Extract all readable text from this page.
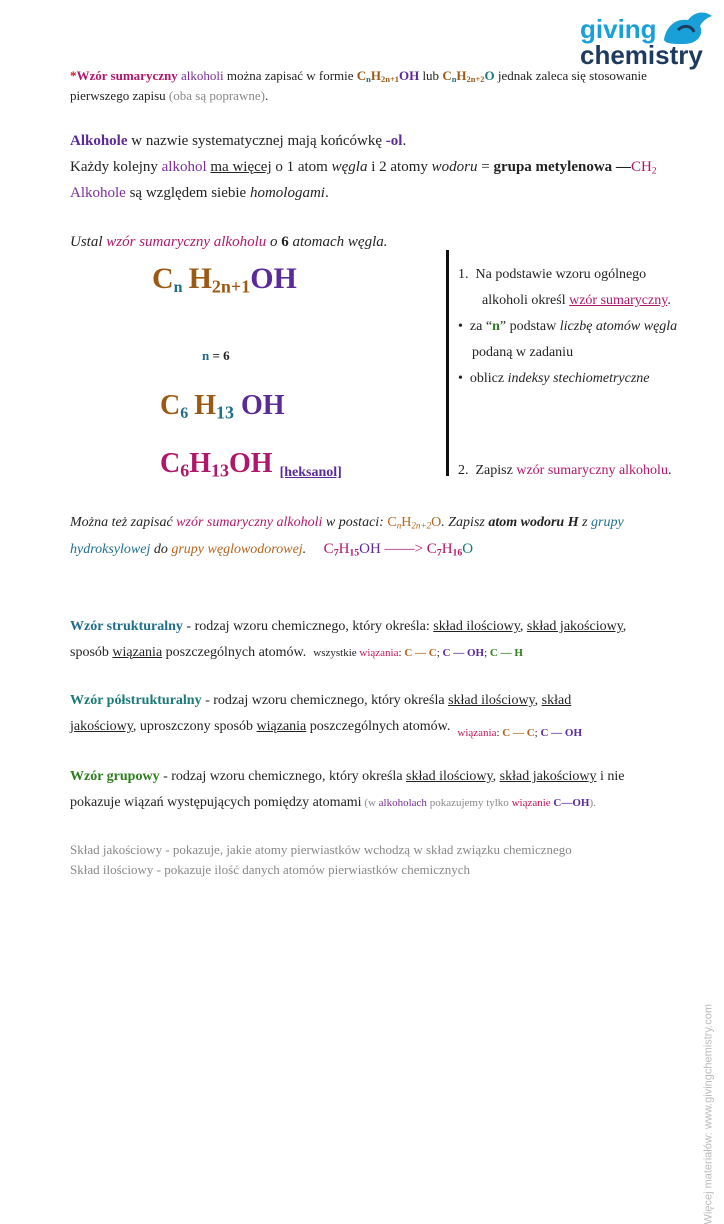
giving
chemistry
Więcej materiałów: www.givingchemistry.com
*Wzór sumaryczny alkoholi można zapisać w formie $C_nH_{2n+1}OH$ lub $C_nH_{2n+2}O$ jednak zaleca się stosowanie
pierwszego zapisu (oba są poprawne).
Alkohole w nazwie systematycznej mają końcówkę -ol.
Każdy kolejny alkohol ma więcej o 1 atom węgla i 2 atomy wodoru = grupa metylenowa $—CH_2$
Alkohole są względem siebie homologami.
Ustal wzór sumaryczny alkoholu o 6 atomach węgla.
$C_n$ $H_{2n+1}OH$
n = 6
$C_6$ $H_{13}$ OH
$C_6H_{13}OH$ [heksanol]
1. Na podstawie wzoru ogólnego
alkoholi określ wzór sumaryczny.
• za “n” podstaw liczbę atomów węgla
podaną w zadaniu
• oblicz indeksy stechiometryczne
2. Zapisz wzór sumaryczny alkoholu.
Można też zapisać wzór sumaryczny alkoholi w postaci: $C_nH_{2n+2}O$. Zapisz atom wodoru H z grupy
hydroksylowej do grupy węglowodorowej. $C_7H_{15}OH$ ——> $C_7H_{16}O$
Wzór strukturalny - rodzaj wzoru chemicznego, który określa: skład ilościowy, skład jakościowy,
sposób wiązania poszczególnych atomów. wszystkie wiązania: C — C; C — OH; C — H
Wzór półstrukturalny - rodzaj wzoru chemicznego, który określa skład ilościowy, skład
jakościowy, uproszczony sposób wiązania poszczególnych atomów. $_{wiązania: C — C; C — OH}$
Wzór grupowy - rodzaj wzoru chemicznego, który określa skład ilościowy, skład jakościowy i nie
pokazuje wiązań występujących pomiędzy atomami (w alkoholach pokazujemy tylko wiązanie C—OH).
Skład jakościowy - pokazuje, jakie atomy pierwiastków wchodzą w skład związku chemicznego
Skład ilościowy - pokazuje ilość danych atomów pierwiastków chemicznych
